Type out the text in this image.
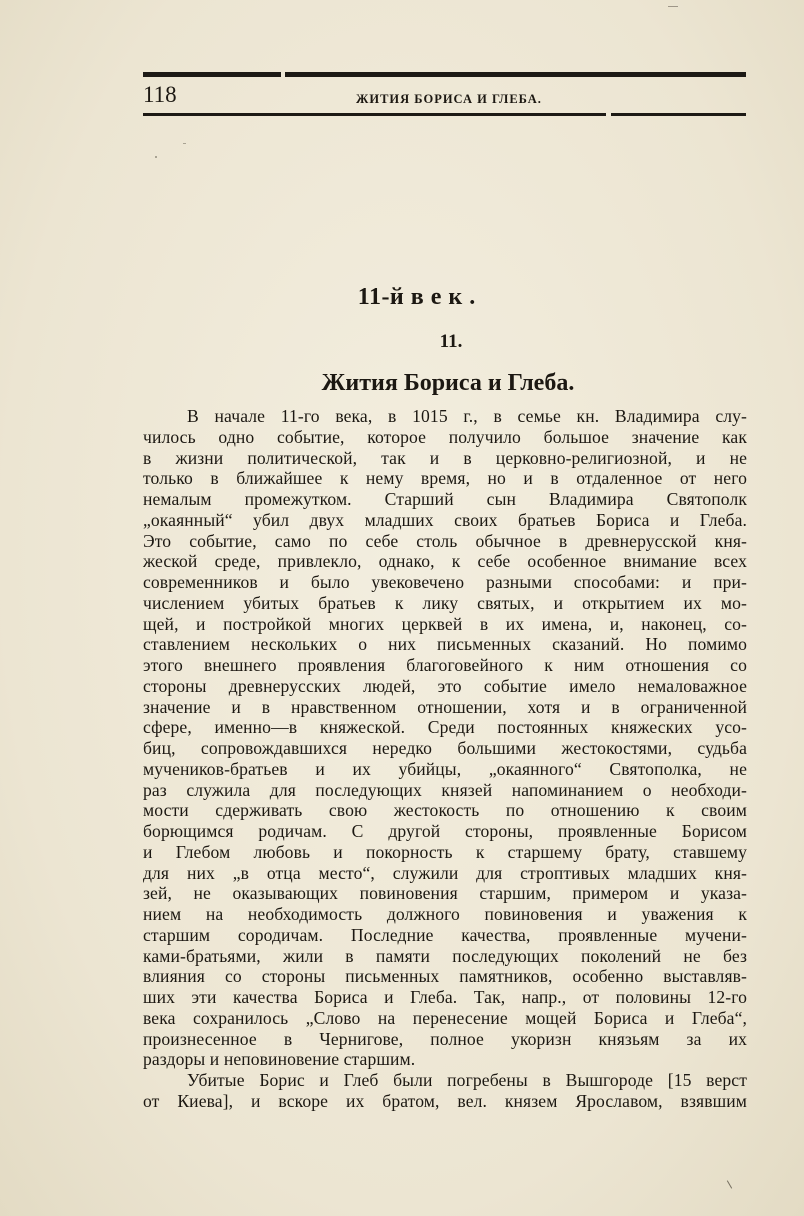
118	ЖИТИЯ БОРИСА И ГЛЕБА.
11-й век.
11.
Жития Бориса и Глеба.
В начале 11-го века, в 1015 г., в семье кн. Владимира слу-
чилось одно событие, которое получило большое значение как
в жизни политической, так и в церковно-религиозной, и не
только в ближайшее к нему время, но и в отдаленное от него
немалым промежутком. Старший сын Владимира Святополк
„окаянный“ убил двух младших своих братьев Бориса и Глеба.
Это событие, само по себе столь обычное в древнерусской кня-
жеской среде, привлекло, однако, к себе особенное внимание всех
современников и было увековечено разными способами: и при-
числением убитых братьев к лику святых, и открытием их мо-
щей, и постройкой многих церквей в их имена, и, наконец, со-
ставлением нескольких о них письменных сказаний. Но помимо
этого внешнего проявления благоговейного к ним отношения со
стороны древнерусских людей, это событие имело немаловажное
значение и в нравственном отношении, хотя и в ограниченной
сфере, именно—в княжеской. Среди постоянных княжеских усо-
биц, сопровождавшихся нередко большими жестокостями, судьба
мучеников-братьев и их убийцы, „окаянного“ Святополка, не
раз служила для последующих князей напоминанием о необходи-
мости сдерживать свою жестокость по отношению к своим
борющимся родичам. С другой стороны, проявленные Борисом
и Глебом любовь и покорность к старшему брату, ставшему
для них „в отца место“, служили для строптивых младших кня-
зей, не оказывающих повиновения старшим, примером и указа-
нием на необходимость должного повиновения и уважения к
старшим сородичам. Последние качества, проявленные мучени-
ками-братьями, жили в памяти последующих поколений не без
влияния со стороны письменных памятников, особенно выставляв-
ших эти качества Бориса и Глеба. Так, напр., от половины 12-го
века сохранилось „Слово на перенесение мощей Бориса и Глеба“,
произнесенное в Чернигове, полное укоризн князьям за их
раздоры и неповиновение старшим.
Убитые Борис и Глеб были погребены в Вышгороде [15 верст
от Киева], и вскоре их братом, вел. князем Ярославом, взявшим
